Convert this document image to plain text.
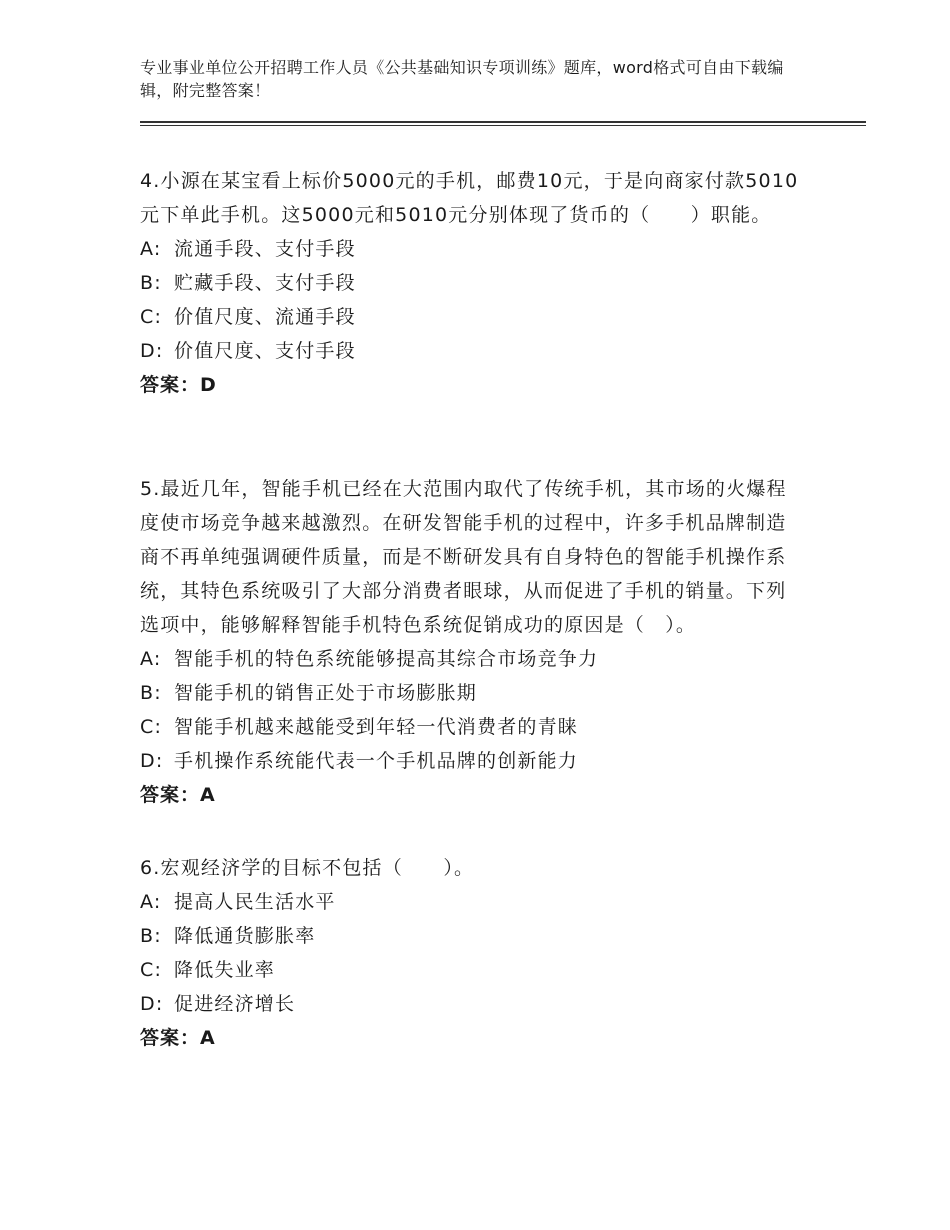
专业事业单位公开招聘工作人员《公共基础知识专项训练》题库，word格式可自由下载编辑，附完整答案！

4.小源在某宝看上标价5000元的手机，邮费10元，于是向商家付款5010元下单此手机。这5000元和5010元分别体现了货币的（　　）职能。

A: 流通手段、支付手段

B: 贮藏手段、支付手段

C: 价值尺度、流通手段

D: 价值尺度、支付手段

答案：D

5.最近几年，智能手机已经在大范围内取代了传统手机，其市场的火爆程度使市场竞争越来越激烈。在研发智能手机的过程中，许多手机品牌制造商不再单纯强调硬件质量，而是不断研发具有自身特色的智能手机操作系统，其特色系统吸引了大部分消费者眼球，从而促进了手机的销量。下列选项中，能够解释智能手机特色系统促销成功的原因是（　）。

A: 智能手机的特色系统能够提高其综合市场竞争力

B: 智能手机的销售正处于市场膨胀期

C: 智能手机越来越能受到年轻一代消费者的青睐

D: 手机操作系统能代表一个手机品牌的创新能力

答案：A

6.宏观经济学的目标不包括（　　）。

A: 提高人民生活水平

B: 降低通货膨胀率

C: 降低失业率

D: 促进经济增长

答案：A
